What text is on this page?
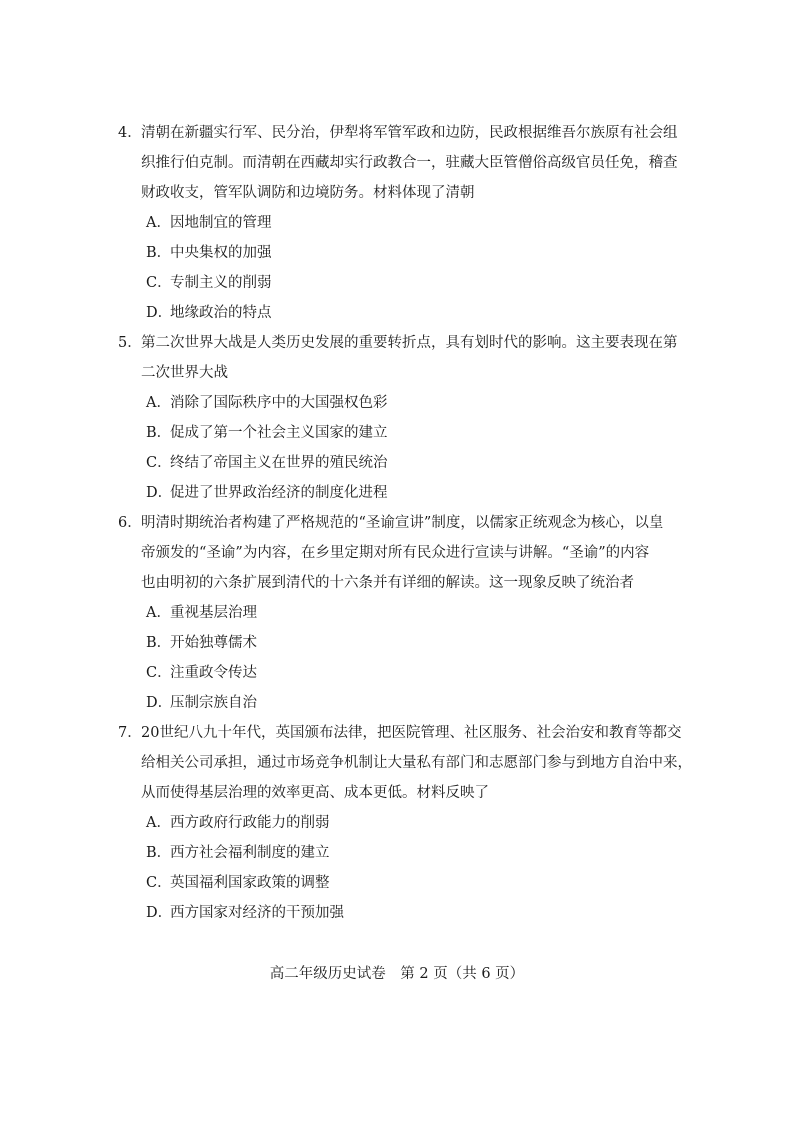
4． 清朝在新疆实行军、民分治，伊犁将军管军政和边防，民政根据维吾尔族原有社会组
织推行伯克制。而清朝在西藏却实行政教合一，驻藏大臣管僧俗高级官员任免，稽查
财政收支，管军队调防和边境防务。材料体现了清朝
A．因地制宜的管理
B．中央集权的加强
C．专制主义的削弱
D．地缘政治的特点
5． 第二次世界大战是人类历史发展的重要转折点，具有划时代的影响。这主要表现在第
二次世界大战
A．消除了国际秩序中的大国强权色彩
B．促成了第一个社会主义国家的建立
C．终结了帝国主义在世界的殖民统治
D．促进了世界政治经济的制度化进程
6． 明清时期统治者构建了严格规范的“圣谕宣讲”制度，以儒家正统观念为核心，以皇
帝颁发的“圣谕”为内容，在乡里定期对所有民众进行宣读与讲解。“圣谕”的内容
也由明初的六条扩展到清代的十六条并有详细的解读。这一现象反映了统治者
A．重视基层治理
B．开始独尊儒术
C．注重政令传达
D．压制宗族自治
7． 20世纪八九十年代，英国颁布法律，把医院管理、社区服务、社会治安和教育等都交
给相关公司承担，通过市场竞争机制让大量私有部门和志愿部门参与到地方自治中来，
从而使得基层治理的效率更高、成本更低。材料反映了
A．西方政府行政能力的削弱
B．西方社会福利制度的建立
C．英国福利国家政策的调整
D．西方国家对经济的干预加强
高二年级历史试卷　第 2 页（共 6 页）
